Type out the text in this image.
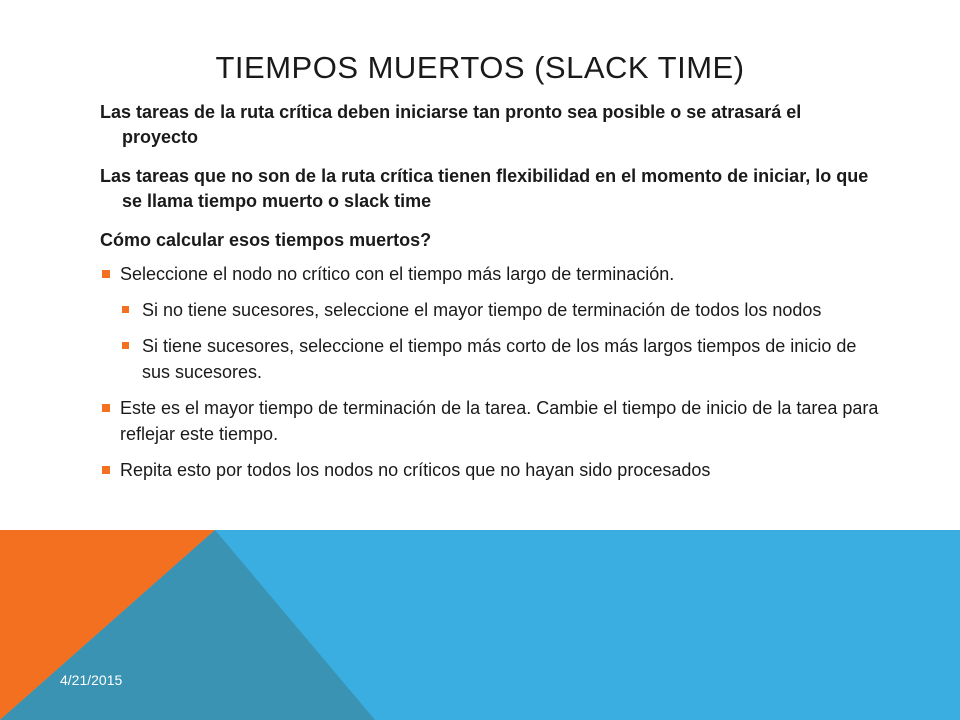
TIEMPOS MUERTOS (SLACK TIME)

Las tareas de la ruta crítica deben iniciarse tan pronto sea posible o se atrasará el proyecto

Las tareas que no son de la ruta crítica tienen flexibilidad en el momento de iniciar, lo que se llama tiempo muerto o slack time

Cómo calcular esos tiempos muertos?

Seleccione el nodo no crítico con el tiempo más largo de terminación.
Si no tiene sucesores, seleccione el mayor tiempo de terminación de todos los nodos
Si tiene sucesores, seleccione el tiempo más corto de los más largos tiempos de inicio de sus sucesores.
Este es el mayor tiempo de terminación de la tarea. Cambie el tiempo de inicio de la tarea para reflejar este tiempo.
Repita esto por todos los nodos no críticos que no hayan sido procesados
4/21/2015
